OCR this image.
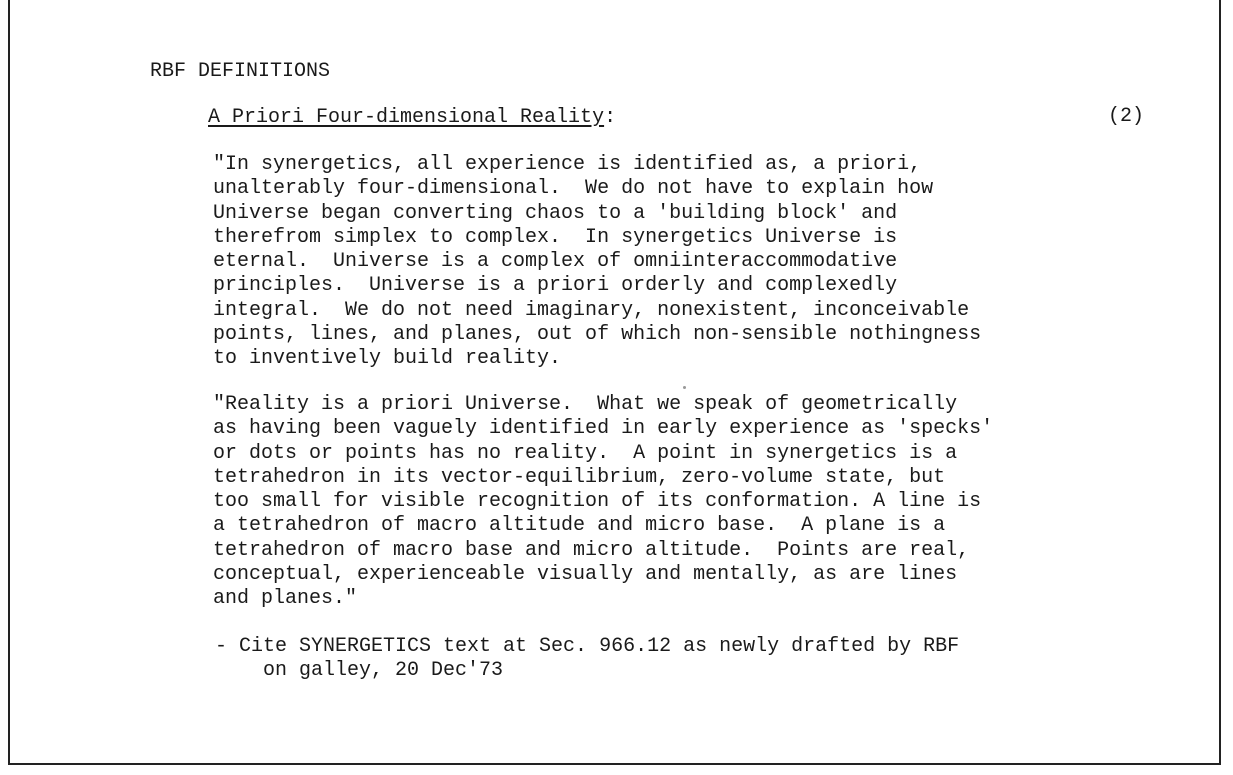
RBF DEFINITIONS
A Priori Four-dimensional Reality:	(2)
"In synergetics, all experience is identified as, a priori,
unalterably four-dimensional.  We do not have to explain how
Universe began converting chaos to a 'building block' and
therefrom simplex to complex.  In synergetics Universe is
eternal.  Universe is a complex of omniinteraccommodative
principles.  Universe is a priori orderly and complexedly
integral.  We do not need imaginary, nonexistent, inconceivable
points, lines, and planes, out of which non-sensible nothingness
to inventively build reality.
"Reality is a priori Universe.  What we speak of geometrically
as having been vaguely identified in early experience as 'specks'
or dots or points has no reality.  A point in synergetics is a
tetrahedron in its vector-equilibrium, zero-volume state, but
too small for visible recognition of its conformation. A line is
a tetrahedron of macro altitude and micro base.  A plane is a
tetrahedron of macro base and micro altitude.  Points are real,
conceptual, experienceable visually and mentally, as are lines
and planes."
- Cite SYNERGETICS text at Sec. 966.12 as newly drafted by RBF
on galley, 20 Dec'73
